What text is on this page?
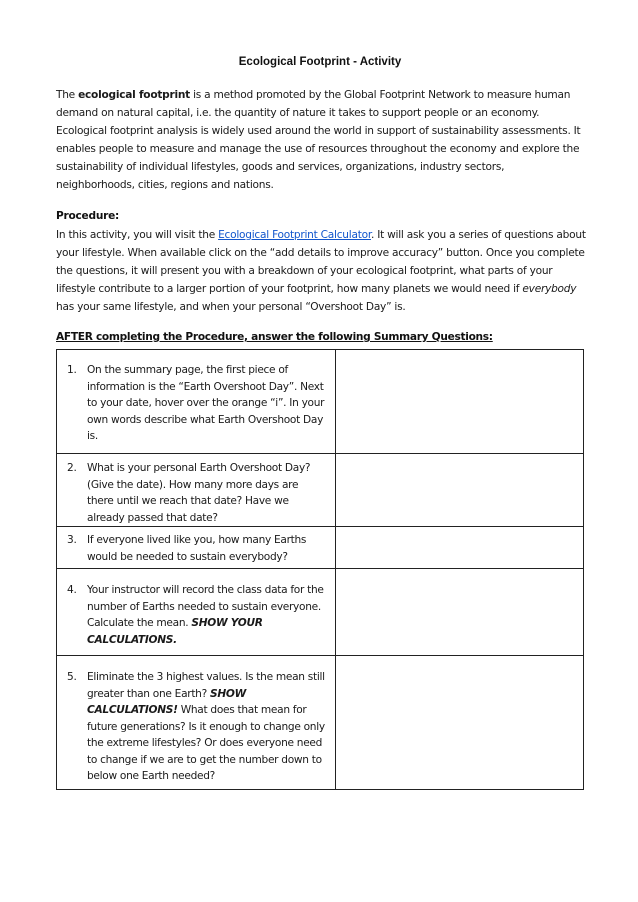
Ecological Footprint - Activity
The ecological footprint is a method promoted by the Global Footprint Network to measure human demand on natural capital, i.e. the quantity of nature it takes to support people or an economy. Ecological footprint analysis is widely used around the world in support of sustainability assessments. It enables people to measure and manage the use of resources throughout the economy and explore the sustainability of individual lifestyles, goods and services, organizations, industry sectors, neighborhoods, cities, regions and nations.
Procedure:
In this activity, you will visit the Ecological Footprint Calculator. It will ask you a series of questions about your lifestyle. When available click on the “add details to improve accuracy” button. Once you complete the questions, it will present you with a breakdown of your ecological footprint, what parts of your lifestyle contribute to a larger portion of your footprint, how many planets we would need if everybody has your same lifestyle, and when your personal “Overshoot Day” is.
AFTER completing the Procedure, answer the following Summary Questions:
1. On the summary page, the first piece of information is the “Earth Overshoot Day”. Next to your date, hover over the orange “i”. In your own words describe what Earth Overshoot Day is.	

2. What is your personal Earth Overshoot Day? (Give the date). How many more days are there until we reach that date? Have we already passed that date?	

3. If everyone lived like you, how many Earths would be needed to sustain everybody?	

4. Your instructor will record the class data for the number of Earths needed to sustain everyone. Calculate the mean. SHOW YOUR CALCULATIONS.	

5. Eliminate the 3 highest values. Is the mean still greater than one Earth? SHOW CALCULATIONS! What does that mean for future generations? Is it enough to change only the extreme lifestyles? Or does everyone need to change if we are to get the number down to below one Earth needed?	
